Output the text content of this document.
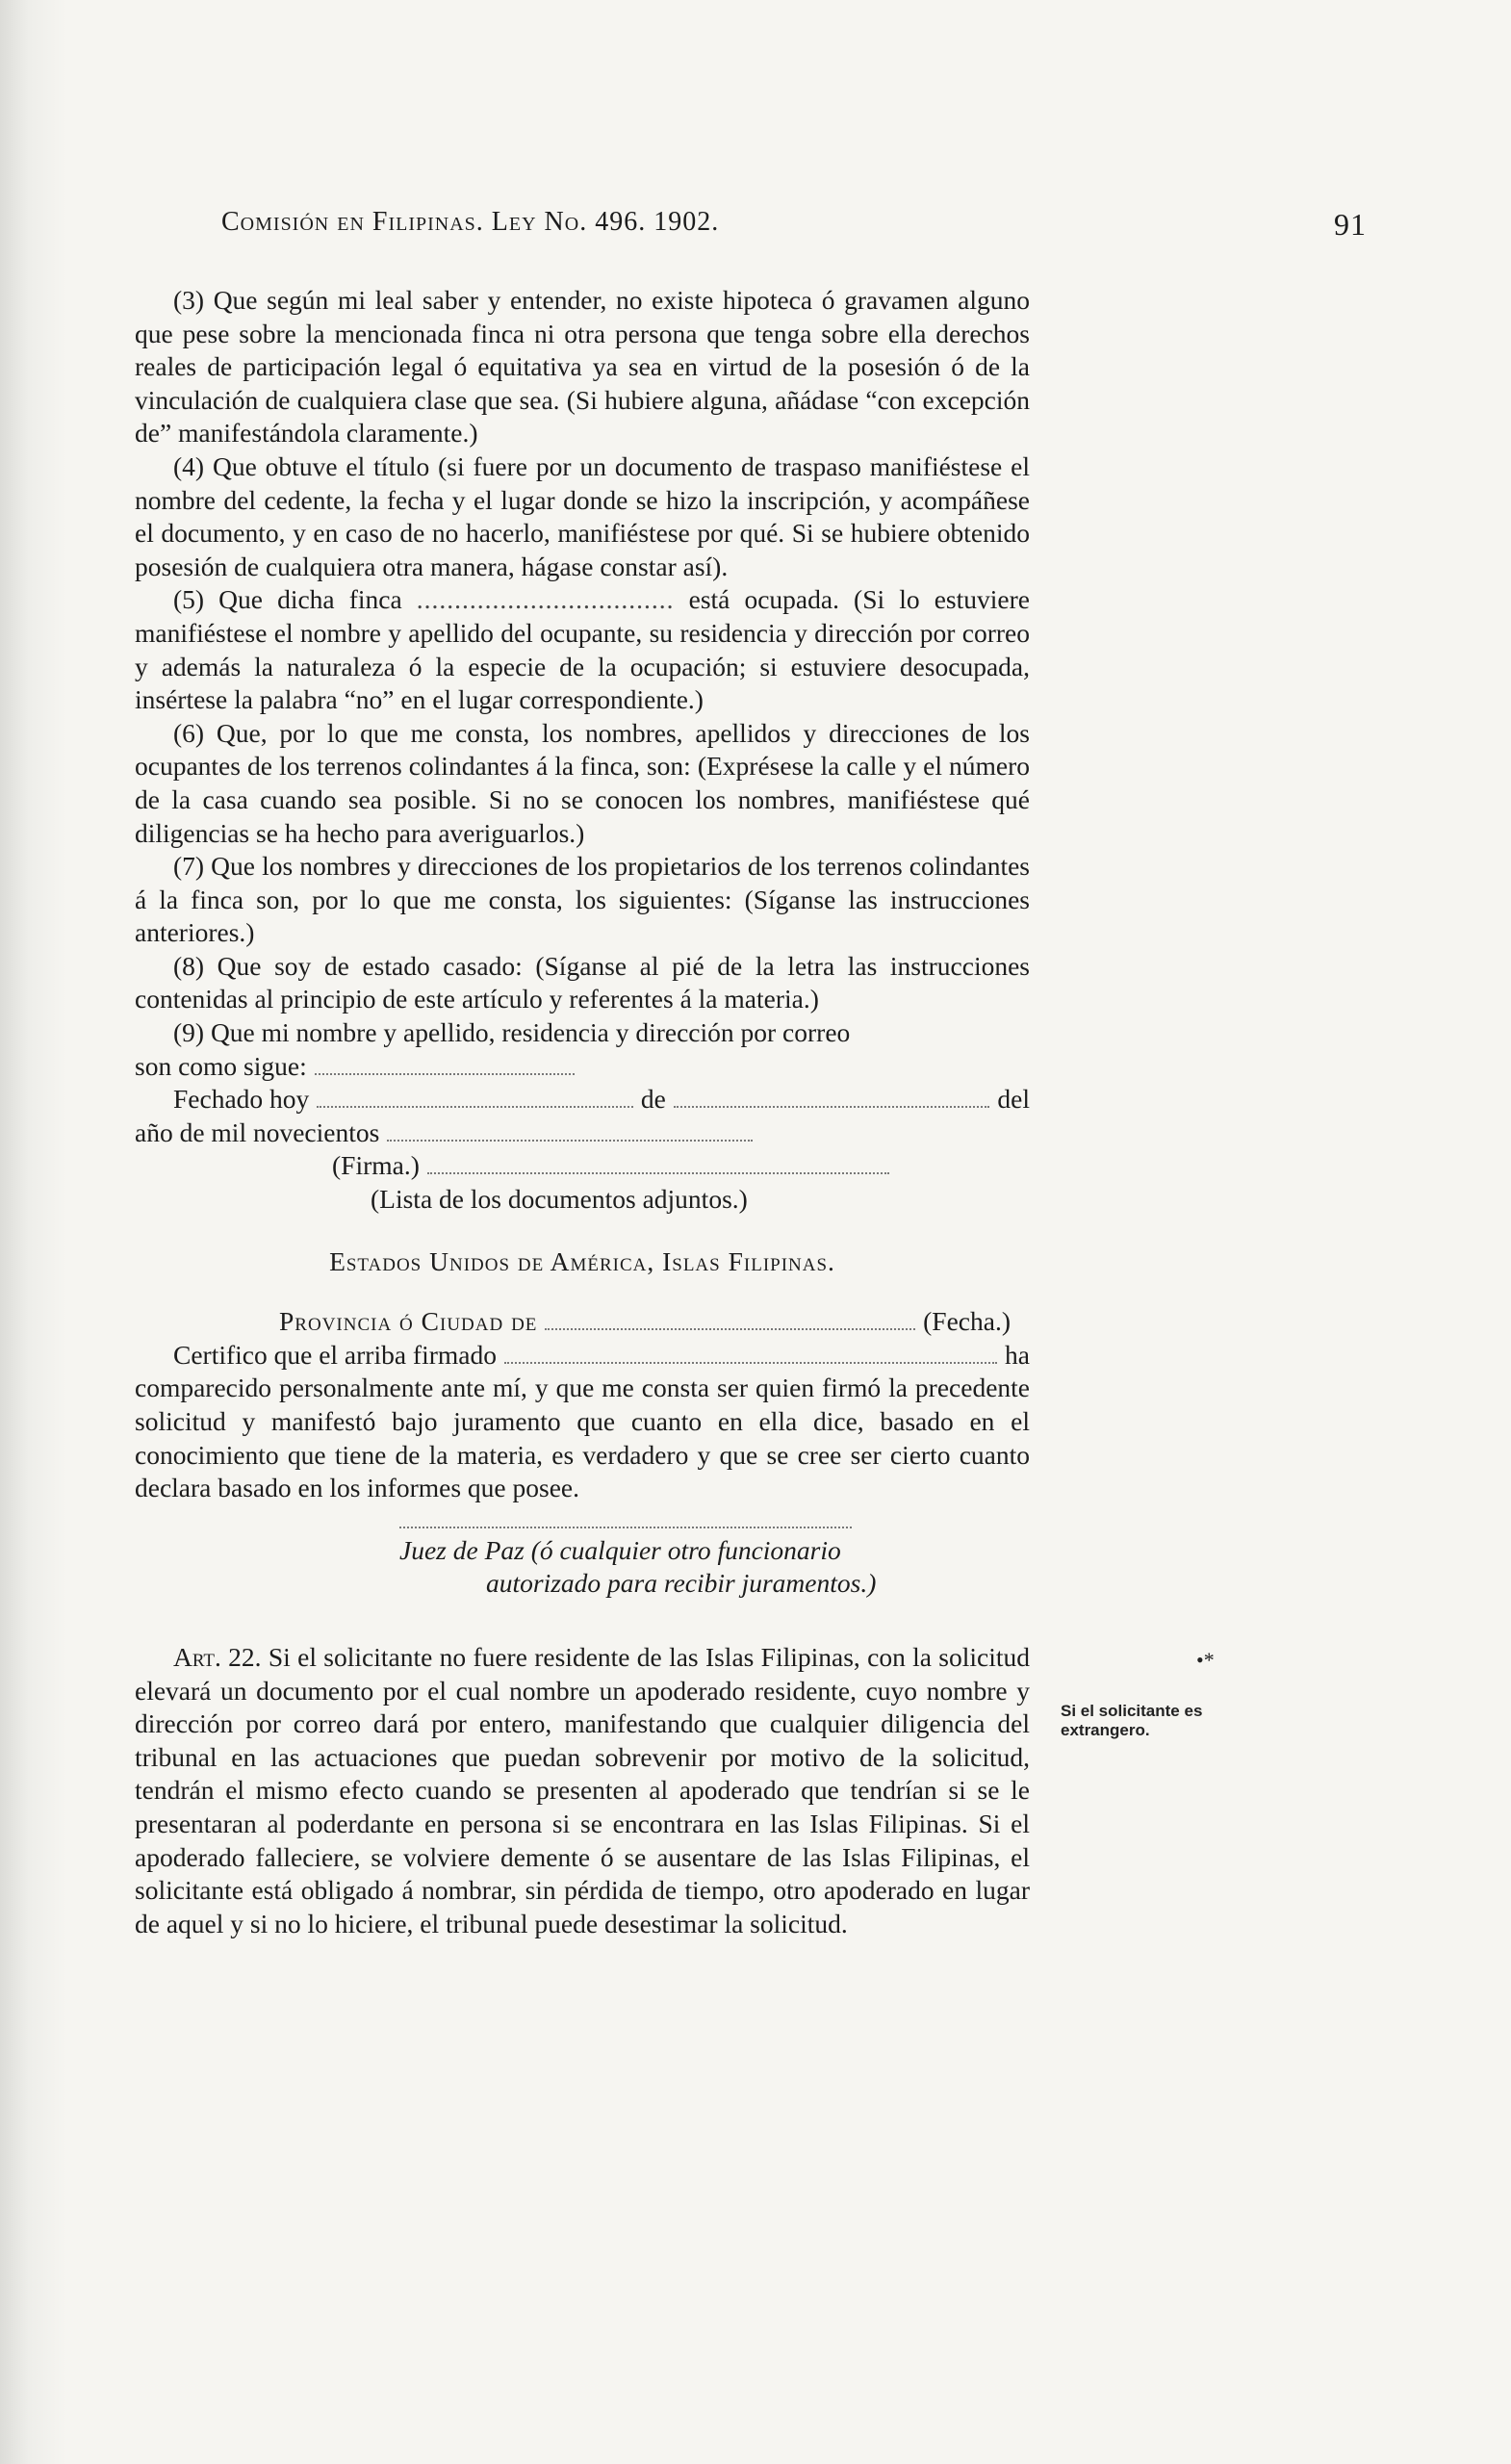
Comisión en Filipinas. Ley No. 496. 1902.	91

(3) Que según mi leal saber y entender, no existe hipoteca ó gravamen alguno que pese sobre la mencionada finca ni otra persona que tenga sobre ella derechos reales de participación legal ó equitativa ya sea en virtud de la posesión ó de la vinculación de cualquiera clase que sea. (Si hubiere alguna, añádase “con excepción de” manifestándola claramente.)

(4) Que obtuve el título (si fuere por un documento de traspaso manifiéstese el nombre del cedente, la fecha y el lugar donde se hizo la inscripción, y acompáñese el documento, y en caso de no hacerlo, manifiéstese por qué. Si se hubiere obtenido posesión de cualquiera otra manera, hágase constar así).

(5) Que dicha finca .................................. está ocupada. (Si lo estuviere manifiéstese el nombre y apellido del ocupante, su residencia y dirección por correo y además la naturaleza ó la especie de la ocupación; si estuviere desocupada, insértese la palabra “no” en el lugar correspondiente.)

(6) Que, por lo que me consta, los nombres, apellidos y direcciones de los ocupantes de los terrenos colindantes á la finca, son: (Exprésese la calle y el número de la casa cuando sea posible. Si no se conocen los nombres, manifiéstese qué diligencias se ha hecho para averiguarlos.)

(7) Que los nombres y direcciones de los propietarios de los terrenos colindantes á la finca son, por lo que me consta, los siguientes: (Síganse las instrucciones anteriores.)

(8) Que soy de estado casado: (Síganse al pié de la letra las instrucciones contenidas al principio de este artículo y referentes á la materia.)

(9) Que mi nombre y apellido, residencia y dirección por correo

son como sigue:
Fechado hoy	de	del
año de mil novecientos
(Firma.)
(Lista de los documentos adjuntos.)

Estados Unidos de América, Islas Filipinas.

Provincia ó Ciudad de	(Fecha.)
Certifico que el arriba firmado	ha

comparecido personalmente ante mí, y que me consta ser quien firmó la precedente solicitud y manifestó bajo juramento que cuanto en ella dice, basado en el conocimiento que tiene de la materia, es verdadero y que se cree ser cierto cuanto declara basado en los informes que posee.

Juez de Paz (ó cualquier otro funcionario
autorizado para recibir juramentos.)

Art. 22. Si el solicitante no fuere residente de las Islas Filipinas, con la solicitud elevará un documento por el cual nombre un apoderado residente, cuyo nombre y dirección por correo dará por entero, manifestando que cualquier diligencia del tribunal en las actuaciones que puedan sobrevenir por motivo de la solicitud, tendrán el mismo efecto cuando se presenten al apoderado que tendrían si se le presentaran al poderdante en persona si se encontrara en las Islas Filipinas. Si el apoderado falleciere, se volviere demente ó se ausentare de las Islas Filipinas, el solicitante está obligado á nombrar, sin pérdida de tiempo, otro apoderado en lugar de aquel y si no lo hiciere, el tribunal puede desestimar la solicitud.

•*
Si el solicitante es extrangero.
